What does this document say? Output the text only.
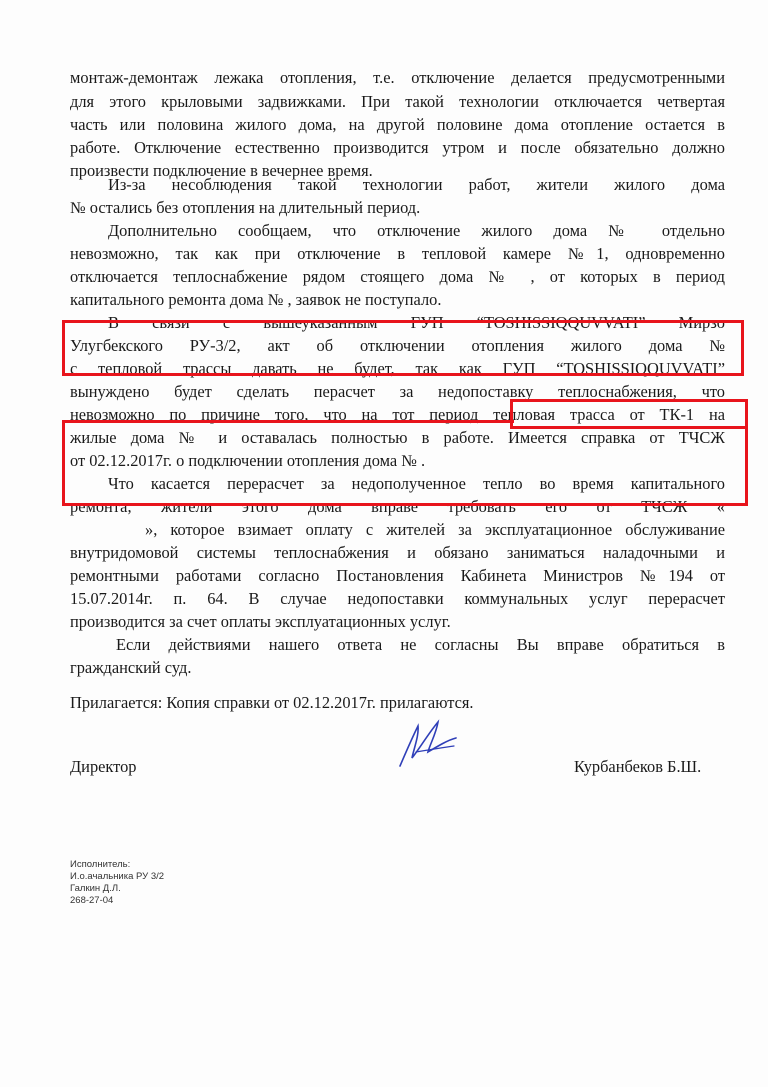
монтаж-демонтаж лежака отопления, т.е. отключение делается предусмотренными
для этого крыловыми задвижками. При такой технологии отключается четвертая
часть или половина жилого дома, на другой половине дома отопление остается в
работе. Отключение естественно производится утром и после обязательно должно
произвести подключение в вечернее время.
Из-за несоблюдения такой технологии работ, жители жилого дома
№ остались без отопления на длительный период.
Дополнительно сообщаем, что отключение жилого дома № отдельно
невозможно, так как при отключение в тепловой камере №1, одновременно
отключается теплоснабжение рядом стоящего дома № , от которых в период
капитального ремонта дома № , заявок не поступало.
В связи с вышеуказанным ГУП “TOSHISSIQQUVVATI” Мирзо
Улугбекского РУ-3/2, акт об отключении отопления жилого дома №
с тепловой трассы давать не будет, так как ГУП “TOSHISSIQQUVVATI”
вынуждено будет сделать перасчет за недопоставку теплоснабжения, что
невозможно по причине того, что на тот период тепловая трасса от ТК-1 на
жилые дома № и оставалась полностью в работе. Имеется справка от ТЧСЖ
от 02.12.2017г. о подключении отопления дома № .
Что касается перерасчет за недополученное тепло во время капитального
ремонта, жители этого дома вправе требовать его от ТЧСЖ «
», которое взимает оплату с жителей за эксплуатационное обслуживание
внутридомовой системы теплоснабжения и обязано заниматься наладочными и
ремонтными работами согласно Постановления Кабинета Министров №194 от
15.07.2014г. п. 64. В случае недопоставки коммунальных услуг перерасчет
производится за счет оплаты эксплуатационных услуг.
Если действиями нашего ответа не согласны Вы вправе обратиться в
гражданский суд.
Прилагается: Копия справки от 02.12.2017г. прилагаются.
Директор	Курбанбеков Б.Ш.
Исполнитель:
И.о.ачальника РУ 3/2
Галкин Д.Л.
268-27-04
